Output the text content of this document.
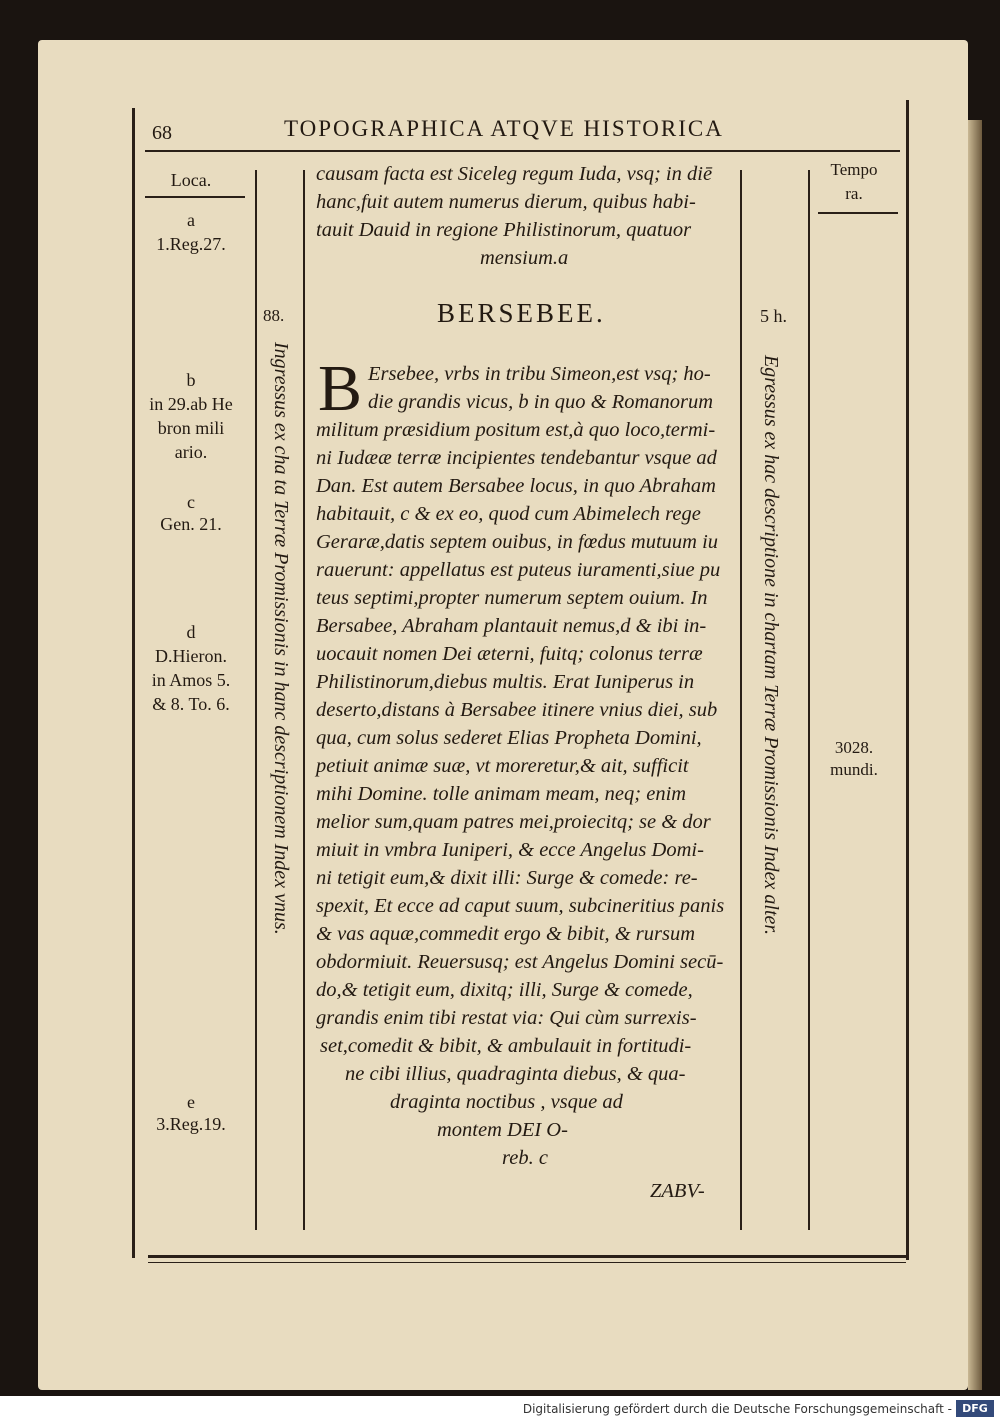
68	TOPOGRAPHICA ATQVE HISTORICA
Loca.
a
1.Reg.27.
b
in 29.ab He
bron mili
ario.
c
Gen. 21.
d
D.Hieron.
in Amos 5.
& 8. To. 6.
e
3.Reg.19.
88.
Ingressus ex cha ta Terræ Promissionis in hanc descriptionem Index vnus.
5 h.
Egressus ex hac descriptione in chartam Terræ Promissionis Index alter.
Tempo
ra.
3028.
mundi.
causam facta est Siceleg regum Iuda, vsq; in diē
hanc,fuit autem numerus dierum, quibus habi-
tauit Dauid in regione Philistinorum, quatuor
mensium.a
BERSEBEE.
B Ersebee, vrbs in tribu Simeon,est vsq; ho-
die grandis vicus, b in quo & Romanorum
militum præsidium positum est,à quo loco,termi-
ni Iudææ terræ incipientes tendebantur vsque ad
Dan. Est autem Bersabee locus, in quo Abraham
habitauit, c & ex eo, quod cum Abimelech rege
Geraræ,datis septem ouibus, in fœdus mutuum iu
rauerunt: appellatus est puteus iuramenti,siue pu
teus septimi,propter numerum septem ouium. In
Bersabee, Abraham plantauit nemus,d & ibi in-
uocauit nomen Dei æterni, fuitq; colonus terræ
Philistinorum,diebus multis. Erat Iuniperus in
deserto,distans à Bersabee itinere vnius diei, sub
qua, cum solus sederet Elias Propheta Domini,
petiuit animæ suæ, vt moreretur,& ait, sufficit
mihi Domine. tolle animam meam, neq; enim
melior sum,quam patres mei,proiecitq; se & dor
miuit in vmbra Iuniperi, & ecce Angelus Domi-
ni tetigit eum,& dixit illi: Surge & comede: re-
spexit, Et ecce ad caput suum, subcineritius panis
& vas aquæ,commedit ergo & bibit, & rursum
obdormiuit. Reuersusq; est Angelus Domini secū-
do,& tetigit eum, dixitq; illi, Surge & comede,
grandis enim tibi restat via: Qui cùm surrexis-
set,comedit & bibit, & ambulauit in fortitudi-
ne cibi illius, quadraginta diebus, & qua-
draginta noctibus , vsque ad
montem DEI O-
reb. c
ZABV-
Digitalisierung gefördert durch die Deutsche Forschungsgemeinschaft - DFG
